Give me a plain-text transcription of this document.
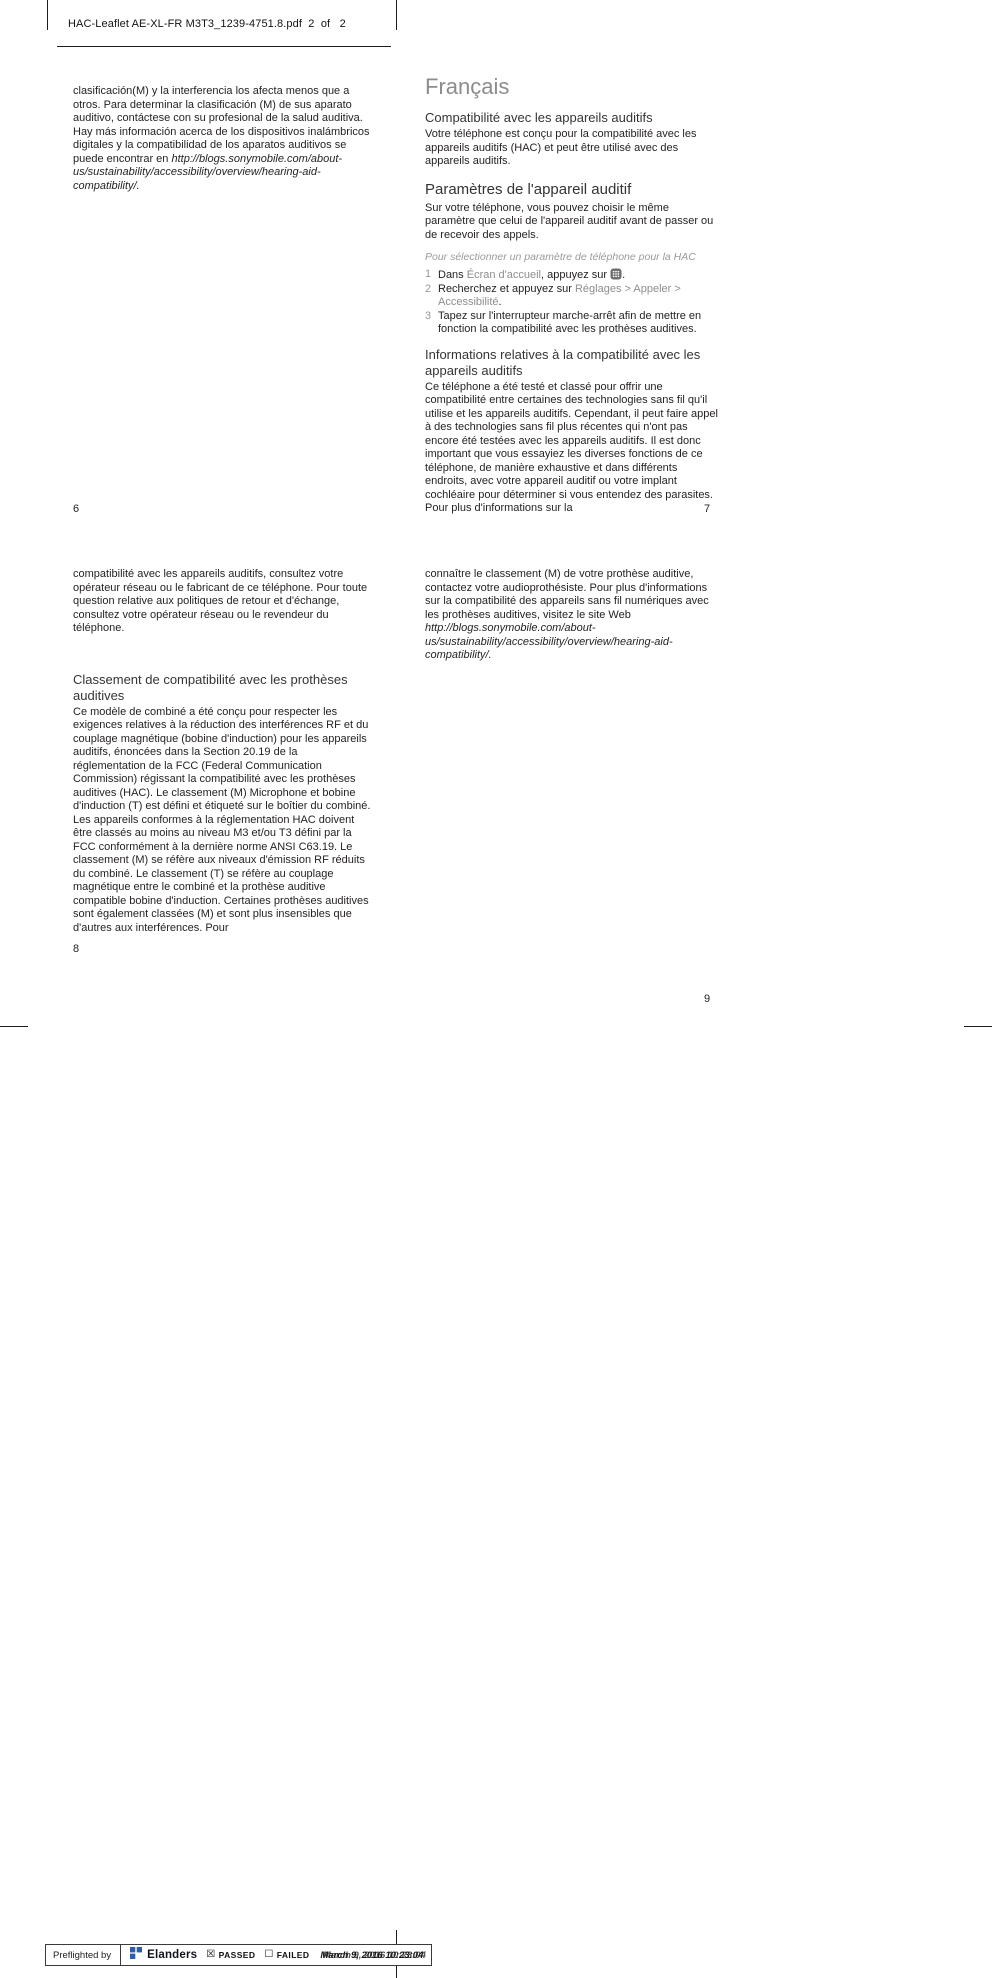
HAC-Leaflet AE-XL-FR M3T3_1239-4751.8.pdf  2  of   2

clasificación(M) y la interferencia los afecta menos que a otros. Para determinar la clasificación (M) de sus aparato auditivo, contáctese con su profesional de la salud auditiva. Hay más información acerca de los dispositivos inalámbricos digitales y la compatibilidad de los aparatos auditivos se puede encontrar en http://blogs.sonymobile.com/about-us/sustainability/accessibility/overview/hearing-aid-compatibility/.

6
Français
Compatibilité avec les appareils auditifs

Votre téléphone est conçu pour la compatibilité avec les appareils auditifs (HAC) et peut être utilisé avec des appareils auditifs.

Paramètres de l'appareil auditif

Sur votre téléphone, vous pouvez choisir le même paramètre que celui de l'appareil auditif avant de passer ou de recevoir des appels.

Pour sélectionner un paramètre de téléphone pour la HAC

1 Dans Écran d'accueil, appuyez sur .
2 Recherchez et appuyez sur Réglages > Appeler > Accessibilité.
3 Tapez sur l'interrupteur marche-arrêt afin de mettre en fonction la compatibilité avec les prothèses auditives.
Informations relatives à la compatibilité avec les appareils auditifs

Ce téléphone a été testé et classé pour offrir une compatibilité entre certaines des technologies sans fil qu'il utilise et les appareils auditifs. Cependant, il peut faire appel à des technologies sans fil plus récentes qui n'ont pas encore été testées avec les appareils auditifs. Il est donc important que vous essayiez les diverses fonctions de ce téléphone, de manière exhaustive et dans différents endroits, avec votre appareil auditif ou votre implant cochléaire pour déterminer si vous entendez des parasites. Pour plus d'informations sur la	7

compatibilité avec les appareils auditifs, consultez votre opérateur réseau ou le fabricant de ce téléphone. Pour toute question relative aux politiques de retour et d'échange, consultez votre opérateur réseau ou le revendeur du téléphone.

Classement de compatibilité avec les prothèses auditives

Ce modèle de combiné a été conçu pour respecter les exigences relatives à la réduction des interférences RF et du couplage magnétique (bobine d'induction) pour les appareils auditifs, énoncées dans la Section 20.19 de la réglementation de la FCC (Federal Communication Commission) régissant la compatibilité avec les prothèses auditives (HAC). Le classement (M) Microphone et bobine d'induction (T) est défini et étiqueté sur le boîtier du combiné. Les appareils conformes à la réglementation HAC doivent être classés au moins au niveau M3 et/ou T3 défini par la FCC conformément à la dernière norme ANSI C63.19. Le classement (M) se réfère aux niveaux d'émission RF réduits du combiné. Le classement (T) se réfère au couplage magnétique entre le combiné et la prothèse auditive compatible bobine d'induction. Certaines prothèses auditives sont également classées (M) et sont plus insensibles que d'autres aux interférences. Pour

8

connaître le classement (M) de votre prothèse auditive, contactez votre audioprothésiste. Pour plus d'informations sur la compatibilité des appareils sans fil numériques avec les prothèses auditives, visitez le site Web http://blogs.sonymobile.com/about-us/sustainability/accessibility/overview/hearing-aid-compatibility/.

9
Preflighted by	Elanders ☒ PASSED ☐ FAILED March 9, 2016 10:23:04
